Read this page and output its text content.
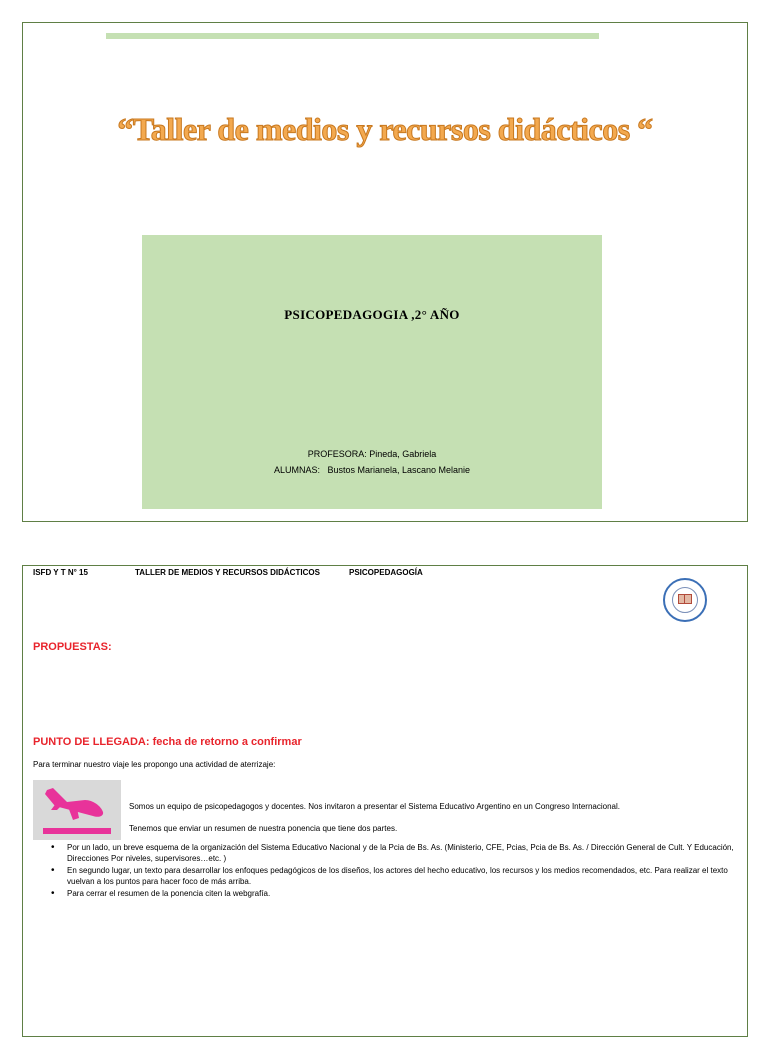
“Taller de medios y recursos didácticos “
PSICOPEDAGOGIA ,2° AÑO
PROFESORA: Pineda, Gabriela
ALUMNAS:   Bustos Marianela, Lascano Melanie
ISFD Y T N° 15	TALLER DE MEDIOS Y RECURSOS DIDÁCTICOS	PSICOPEDAGOGÍA
PROPUESTAS:
PUNTO DE LLEGADA: fecha de retorno a confirmar
Para terminar nuestro viaje les propongo una actividad de aterrizaje:
Somos un equipo de psicopedagogos y docentes. Nos invitaron a presentar el Sistema Educativo Argentino en un Congreso Internacional.
Tenemos que enviar un resumen de nuestra ponencia que tiene dos partes.
• Por un lado, un breve esquema de la organización del Sistema Educativo Nacional y de la Pcia de Bs. As. (Ministerio, CFE, Pcias, Pcia de Bs. As. / Dirección General de Cult. Y Educación, Direcciones Por niveles, supervisores…etc. )
• En segundo lugar, un texto para desarrollar los enfoques pedagógicos de los diseños, los actores del hecho educativo, los recursos y los medios recomendados, etc. Para realizar el texto vuelvan a los puntos para hacer foco de más arriba.
• Para cerrar el resumen de la ponencia citen la webgrafía.
